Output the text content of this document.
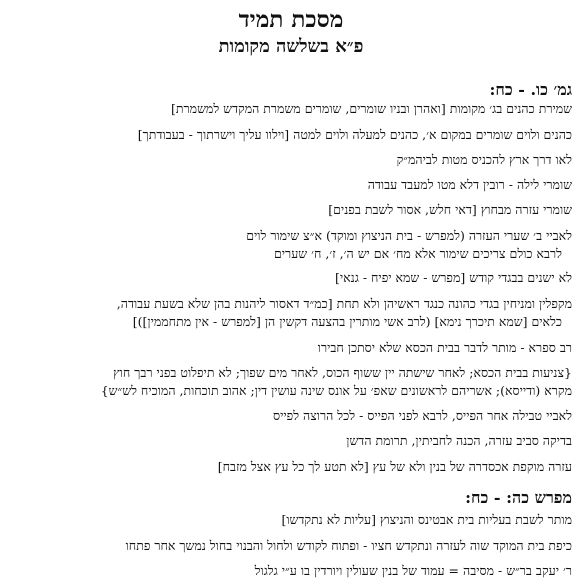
מסכת תמיד
פ״א בשלשה מקומות
גמ׳ כו. - כח:
שמירת כהנים בג׳ מקומות [ואהרן ובניו שומרים, שומרים משמרת המקדש למשמרת]
כהנים ולוים שומרים במקום א׳, כהנים למעלה ולוים למטה [וילוו עליך וישרתוך - בעבודתך]
לאו דרך ארץ להכניס מטות לביהמ״ק
שומרי לילה - רובין דלא מטו למעבד עבודה
שומרי עזרה מבחוץ [דאי חלש, אסור לשבת בפנים]
לאביי ב׳ שערי העזרה (למפרש - בית הניצוץ ומוקד) א״צ שימור לוים
לרבא כולם צריכים שימור אלא מח׳ אם יש ה׳, ז׳, ח׳ שערים
לא ישנים בבגדי קודש [מפרש - שמא יפיח - גנאי]
מקפלין ומניחין בגדי כהונה כנגד ראשיהן ולא תחת [כמ״ד דאסור ליהנות בהן שלא בשעת עבודה,
כלאים [שמא תיכרך נימא] (לרב אשי מותרין בהצעה דקשין הן [למפרש - אין מתחממין])]
רב ספרא - מותר לדבר בבית הכסא שלא יסתכן חבירו
{צניעות בבית הכסא; לאחר שישתה יין ששוף הכוס, לאחר מים שפוך; לא תיפלוט בפני רבך חוץ
מקרא (ודייסא); אשריהם לראשונים שאפ׳ על אונס שינה עושין דין; אהוב תוכחות, המוכיח לש״ש}
לאביי טבילה אחר הפייס, לרבא לפני הפייס - לכל הרוצה לפייס
בדיקה סביב עזרה, הכנה לחביתין, תרומת הדשן
עזרה מוקפת אכסדרה של בנין ולא של עץ [לא תטע לך כל עץ אצל מזבח]
מפרש כה: - כח:
מותר לשבת בעליות בית אבטינס והניצוץ [עליות לא נתקדשו]
כיפת בית המוקד שוה לעזרה ונתקדש חציו - ופתוח לקודש ולחול והבנוי בחול נמשך אחר פתחו
ר׳ יעקב בר״ש - מסיבה = עמוד של בנין שעולין ויורדין בו ע״י גלגול
